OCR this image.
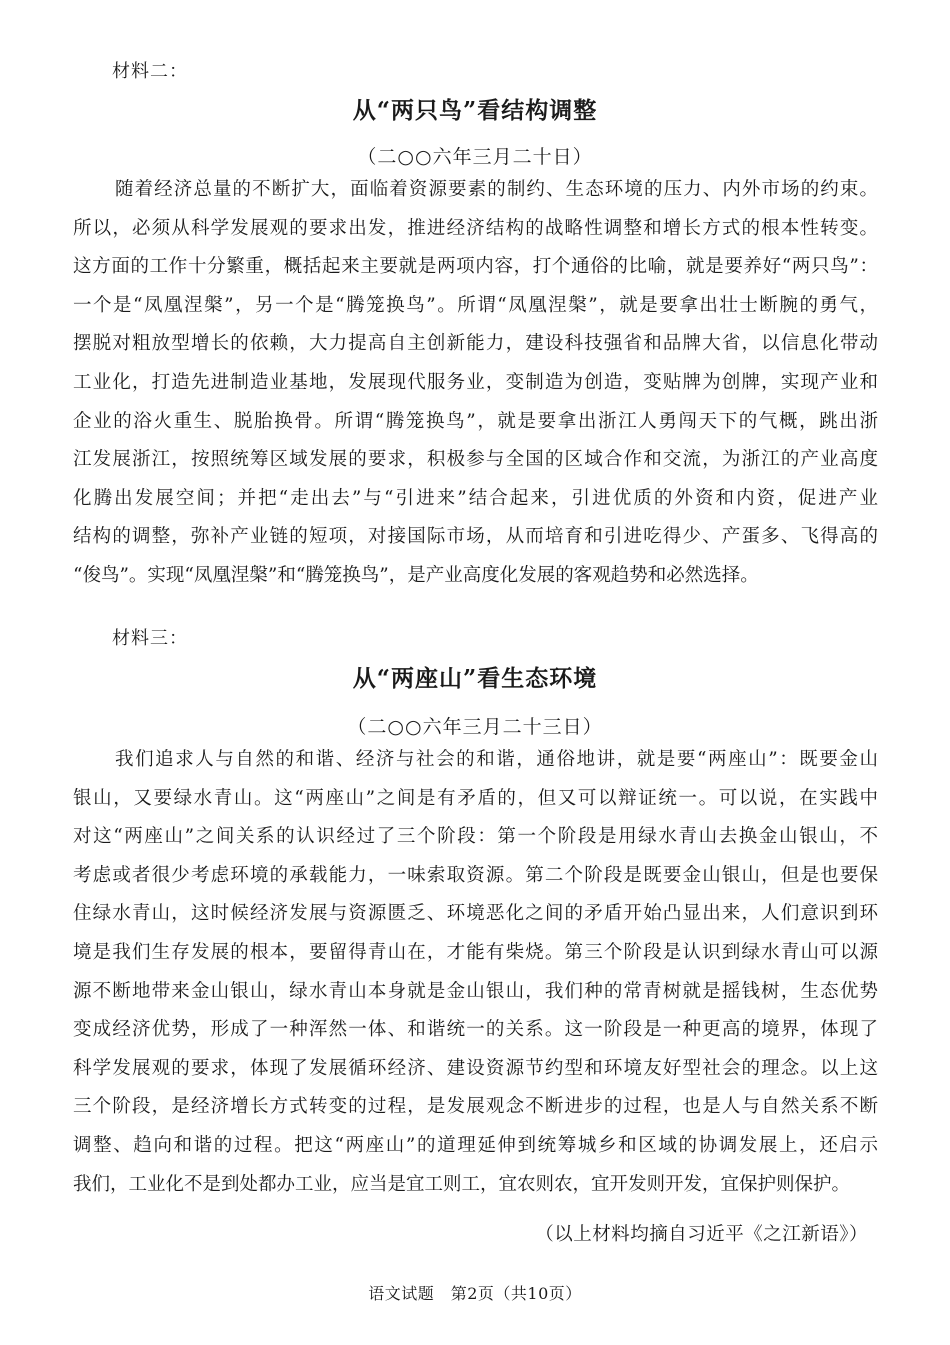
材料二：
从“两只鸟”看结构调整
（二○○六年三月二十日）
随着经济总量的不断扩大，面临着资源要素的制约、生态环境的压力、内外市场的约束。
所以，必须从科学发展观的要求出发，推进经济结构的战略性调整和增长方式的根本性转变。
这方面的工作十分繁重，概括起来主要就是两项内容，打个通俗的比喻，就是要养好“两只鸟”：
一个是“凤凰涅槃”，另一个是“腾笼换鸟”。所谓“凤凰涅槃”，就是要拿出壮士断腕的勇气，
摆脱对粗放型增长的依赖，大力提高自主创新能力，建设科技强省和品牌大省，以信息化带动
工业化，打造先进制造业基地，发展现代服务业，变制造为创造，变贴牌为创牌，实现产业和
企业的浴火重生、脱胎换骨。所谓“腾笼换鸟”，就是要拿出浙江人勇闯天下的气概，跳出浙
江发展浙江，按照统筹区域发展的要求，积极参与全国的区域合作和交流，为浙江的产业高度
化腾出发展空间；并把“走出去”与“引进来”结合起来，引进优质的外资和内资，促进产业
结构的调整，弥补产业链的短项，对接国际市场，从而培育和引进吃得少、产蛋多、飞得高的
“俊鸟”。实现“凤凰涅槃”和“腾笼换鸟”，是产业高度化发展的客观趋势和必然选择。
材料三：
从“两座山”看生态环境
（二○○六年三月二十三日）
我们追求人与自然的和谐、经济与社会的和谐，通俗地讲，就是要“两座山”：既要金山
银山，又要绿水青山。这“两座山”之间是有矛盾的，但又可以辩证统一。可以说，在实践中
对这“两座山”之间关系的认识经过了三个阶段：第一个阶段是用绿水青山去换金山银山，不
考虑或者很少考虑环境的承载能力，一味索取资源。第二个阶段是既要金山银山，但是也要保
住绿水青山，这时候经济发展与资源匮乏、环境恶化之间的矛盾开始凸显出来，人们意识到环
境是我们生存发展的根本，要留得青山在，才能有柴烧。第三个阶段是认识到绿水青山可以源
源不断地带来金山银山，绿水青山本身就是金山银山，我们种的常青树就是摇钱树，生态优势
变成经济优势，形成了一种浑然一体、和谐统一的关系。这一阶段是一种更高的境界，体现了
科学发展观的要求，体现了发展循环经济、建设资源节约型和环境友好型社会的理念。以上这
三个阶段，是经济增长方式转变的过程，是发展观念不断进步的过程，也是人与自然关系不断
调整、趋向和谐的过程。把这“两座山”的道理延伸到统筹城乡和区域的协调发展上，还启示
我们，工业化不是到处都办工业，应当是宜工则工，宜农则农，宜开发则开发，宜保护则保护。
（以上材料均摘自习近平《之江新语》）
语文试题　第2页（共10页）
